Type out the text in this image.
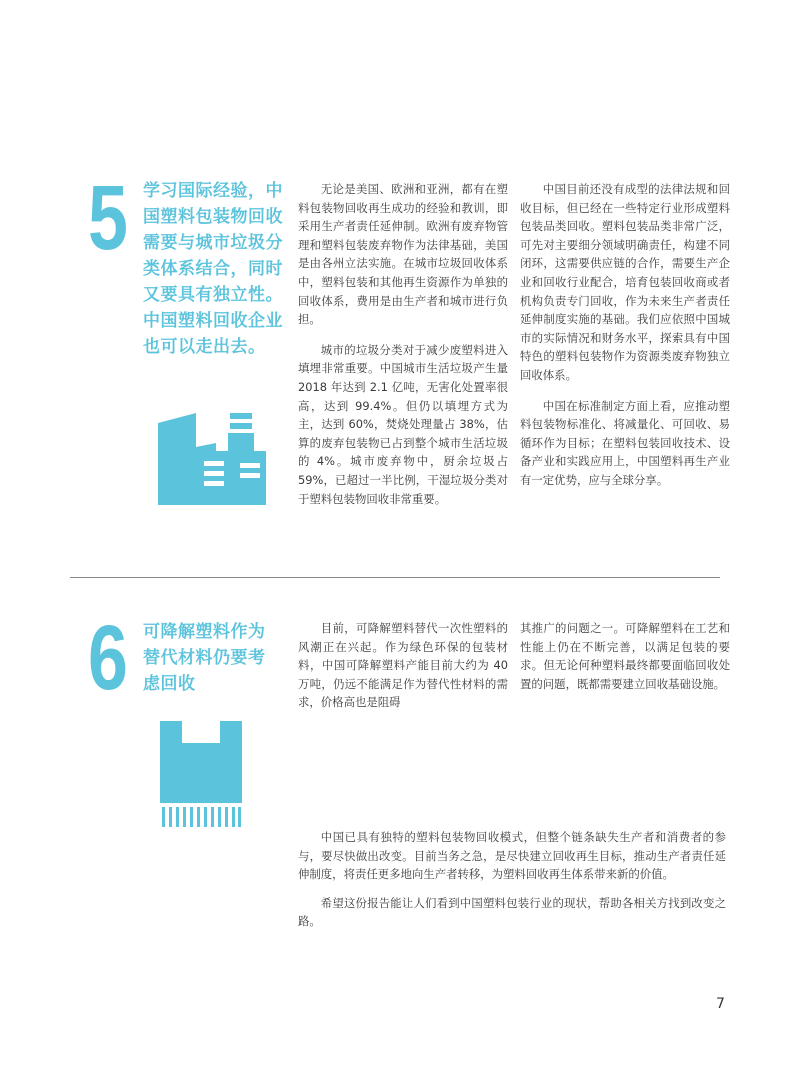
5 学习国际经验，中国塑料包装物回收需要与城市垃圾分类体系结合，同时又要具有独立性。中国塑料回收企业也可以走出去。

无论是美国、欧洲和亚洲，都有在塑料包装物回收再生成功的经验和教训，即采用生产者责任延伸制。欧洲有废弃物管理和塑料包装废弃物作为法律基础，美国是由各州立法实施。在城市垃圾回收体系中，塑料包装和其他再生资源作为单独的回收体系，费用是由生产者和城市进行负担。

城市的垃圾分类对于减少废塑料进入填埋非常重要。中国城市生活垃圾产生量 2018 年达到 2.1 亿吨，无害化处置率很高，达到 99.4%。但仍以填埋方式为主，达到 60%，焚烧处理量占 38%，估算的废弃包装物已占到整个城市生活垃圾的 4%。城市废弃物中，厨余垃圾占 59%，已超过一半比例，干湿垃圾分类对于塑料包装物回收非常重要。

中国目前还没有成型的法律法规和回收目标，但已经在一些特定行业形成塑料包装品类回收。塑料包装品类非常广泛，可先对主要细分领域明确责任，构建不同闭环，这需要供应链的合作，需要生产企业和回收行业配合，培育包装回收商或者机构负责专门回收，作为未来生产者责任延伸制度实施的基础。我们应依照中国城市的实际情况和财务水平，探索具有中国特色的塑料包装物作为资源类废弃物独立回收体系。

中国在标准制定方面上看，应推动塑料包装物标准化、将减量化、可回收、易循环作为目标；在塑料包装回收技术、设备产业和实践应用上，中国塑料再生产业有一定优势，应与全球分享。

6 可降解塑料作为替代材料仍要考虑回收

目前，可降解塑料替代一次性塑料的风潮正在兴起。作为绿色环保的包装材料，中国可降解塑料产能目前大约为 40 万吨，仍远不能满足作为替代性材料的需求，价格高也是阻碍

其推广的问题之一。可降解塑料在工艺和性能上仍在不断完善，以满足包装的要求。但无论何种塑料最终都要面临回收处置的问题，既都需要建立回收基础设施。

中国已具有独特的塑料包装物回收模式，但整个链条缺失生产者和消费者的参与，要尽快做出改变。目前当务之急，是尽快建立回收再生目标，推动生产者责任延伸制度，将责任更多地向生产者转移，为塑料回收再生体系带来新的价值。

希望这份报告能让人们看到中国塑料包装行业的现状，帮助各相关方找到改变之路。

7
